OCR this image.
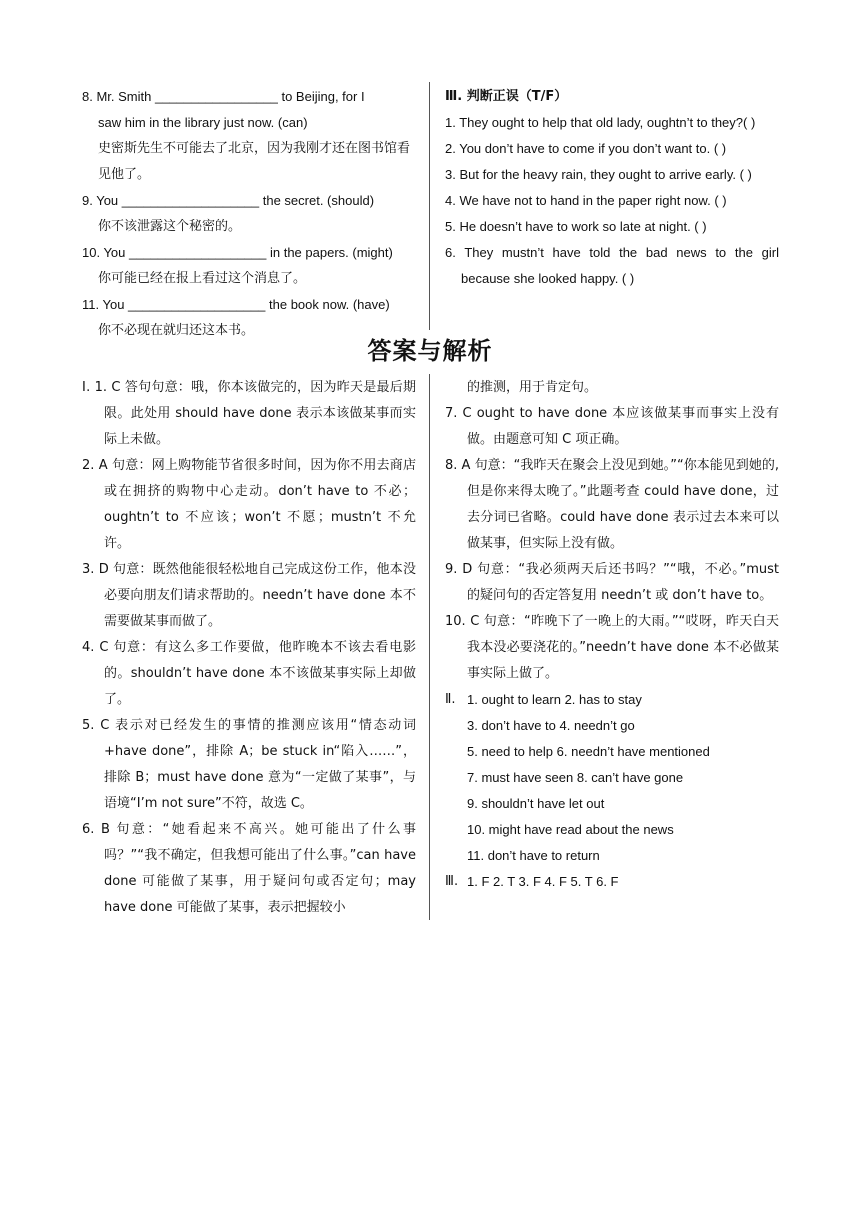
8. Mr. Smith _________________ to Beijing, for I

saw him in the library just now. (can)

史密斯先生不可能去了北京，因为我刚才还在图书馆看见他了。

9. You ___________________ the secret. (should)

你不该泄露这个秘密的。

10. You ___________________ in the papers. (might)

你可能已经在报上看过这个消息了。

11. You ___________________ the book now. (have)

你不必现在就归还这本书。

Ⅲ. 判断正误（T/F）

1. They ought to help that old lady, oughtn’t to they?( )

2. You don’t have to come if you don’t want to. ( )

3. But for the heavy rain, they ought to arrive early. ( )

4. We have not to hand in the paper right now. ( )

5. He doesn’t have to work so late at night. ( )

6. They mustn’t have told the bad news to the girl because she looked happy. ( )

答案与解析

Ⅰ. 1. C 答句句意：哦，你本该做完的，因为昨天是最后期限。此处用 should have done 表示本该做某事而实际上未做。

2. A 句意：网上购物能节省很多时间，因为你不用去商店或在拥挤的购物中心走动。don’t have to 不必；oughtn’t to 不应该；won’t 不愿；mustn’t 不允许。

3. D 句意：既然他能很轻松地自己完成这份工作，他本没必要向朋友们请求帮助的。needn’t have done 本不需要做某事而做了。

4. C 句意：有这么多工作要做，他昨晚本不该去看电影的。shouldn’t have done 本不该做某事实际上却做了。

5. C 表示对已经发生的事情的推测应该用“情态动词+have done”，排除 A；be stuck in“陷入……”，排除 B；must have done 意为“一定做了某事”，与语境“I’m not sure”不符，故选 C。

6. B 句意：“她看起来不高兴。她可能出了什么事吗？”“我不确定，但我想可能出了什么事。”can have done 可能做了某事，用于疑问句或否定句；may have done 可能做了某事，表示把握较小

的推测，用于肯定句。

7. C ought to have done 本应该做某事而事实上没有做。由题意可知 C 项正确。

8. A 句意：“我昨天在聚会上没见到她。”“你本能见到她的,但是你来得太晚了。”此题考查 could have done，过去分词已省略。could have done 表示过去本来可以做某事，但实际上没有做。

9. D 句意：“我必须两天后还书吗？”“哦，不必。”must 的疑问句的否定答复用 needn’t 或 don’t have to。

10. C 句意：“昨晚下了一晚上的大雨。”“哎呀，昨天白天我本没必要浇花的。”needn’t have done 本不必做某事实际上做了。

Ⅱ. 1. ought to learn 2. has to stay

3. don’t have to 4. needn’t go

5. need to help 6. needn’t have mentioned

7. must have seen 8. can’t have gone

9. shouldn’t have let out

10. might have read about the news

11. don’t have to return

Ⅲ. 1. F 2. T 3. F 4. F 5. T 6. F
